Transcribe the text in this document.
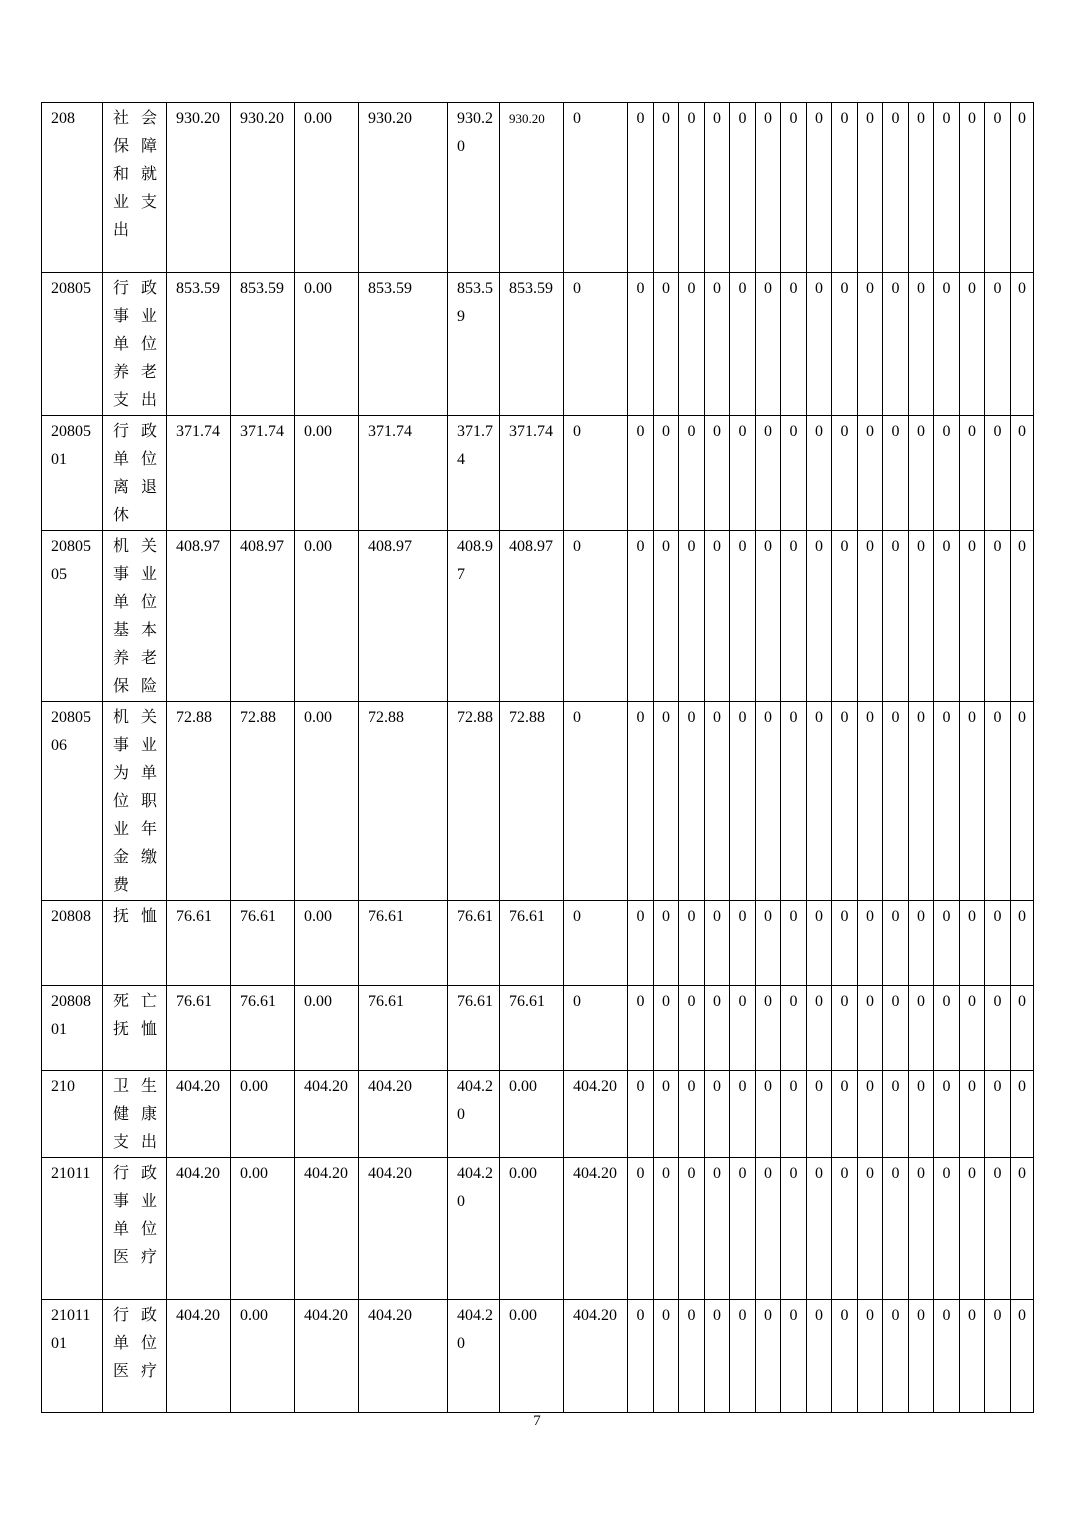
208	社会保障和就业支出	930.20	930.20	0.00	930.20	930.20	930.20	0	0	0	0	0	0	0	0	0	0	0	0	0	0	0	0	0

20805	行政事业单位养老支出	853.59	853.59	0.00	853.59	853.59	853.59	0	0	0	0	0	0	0	0	0	0	0	0	0	0	0	0	0

2080501	行政单位离退休	371.74	371.74	0.00	371.74	371.74	371.74	0	0	0	0	0	0	0	0	0	0	0	0	0	0	0	0	0

2080505	机关事业单位基本养老保险	408.97	408.97	0.00	408.97	408.97	408.97	0	0	0	0	0	0	0	0	0	0	0	0	0	0	0	0	0

2080506	机关事业为单位职业年金缴费	72.88	72.88	0.00	72.88	72.88	72.88	0	0	0	0	0	0	0	0	0	0	0	0	0	0	0	0	0

20808	抚恤	76.61	76.61	0.00	76.61	76.61	76.61	0	0	0	0	0	0	0	0	0	0	0	0	0	0	0	0	0

2080801	死亡抚恤	76.61	76.61	0.00	76.61	76.61	76.61	0	0	0	0	0	0	0	0	0	0	0	0	0	0	0	0	0

210	卫生健康支出	404.20	0.00	404.20	404.20	404.20	0.00	404.20	0	0	0	0	0	0	0	0	0	0	0	0	0	0	0	0

21011	行政事业单位医疗	404.20	0.00	404.20	404.20	404.20	0.00	404.20	0	0	0	0	0	0	0	0	0	0	0	0	0	0	0	0

2101101	行政单位医疗	404.20	0.00	404.20	404.20	404.20	0.00	404.20	0	0	0	0	0	0	0	0	0	0	0	0	0	0	0	0
7
